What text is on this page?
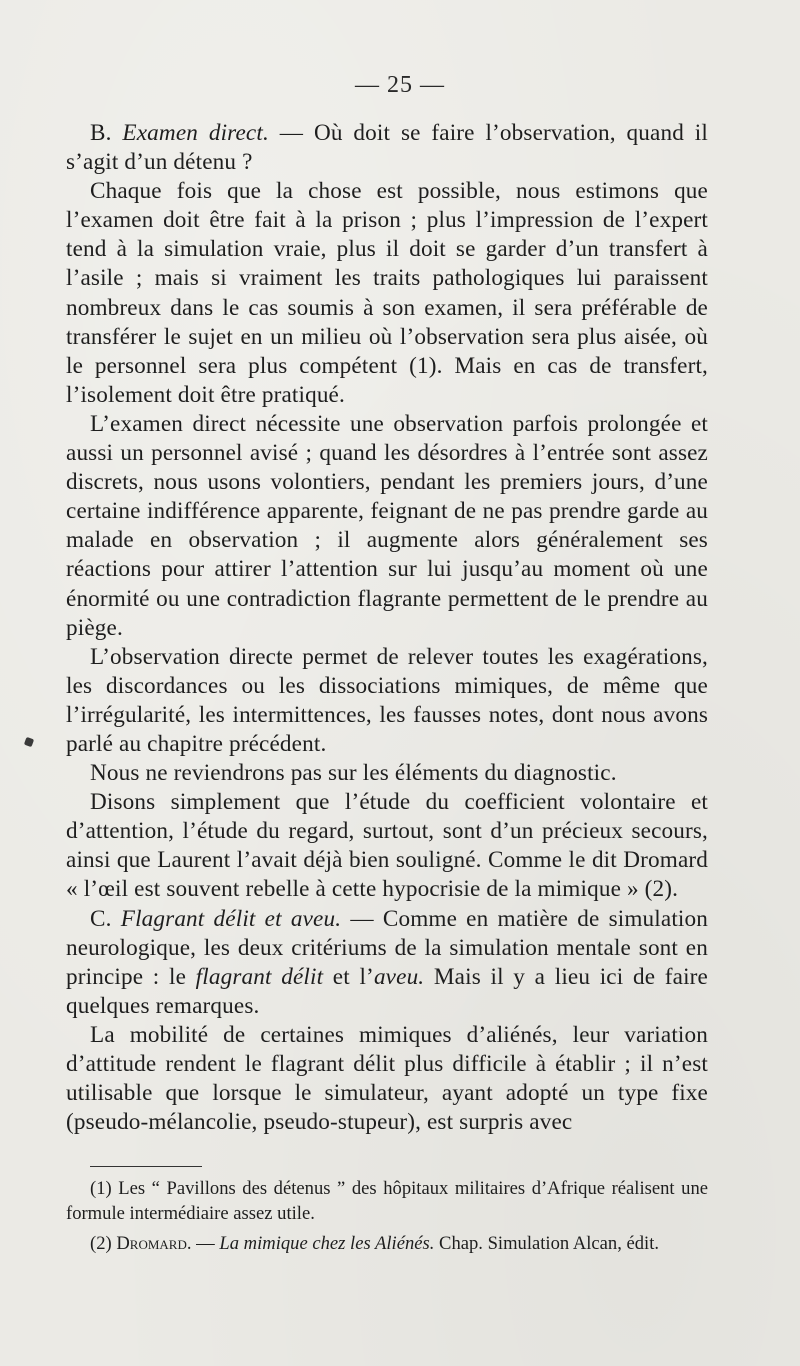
— 25 —

B. Examen direct. — Où doit se faire l’observation, quand il s’agit d’un détenu ?

Chaque fois que la chose est possible, nous estimons que l’examen doit être fait à la prison ; plus l’impression de l’expert tend à la simulation vraie, plus il doit se garder d’un transfert à l’asile ; mais si vraiment les traits pathologiques lui paraissent nombreux dans le cas soumis à son examen, il sera préférable de transférer le sujet en un milieu où l’observation sera plus aisée, où le personnel sera plus compétent (1). Mais en cas de transfert, l’isolement doit être pratiqué.

L’examen direct nécessite une observation parfois prolongée et aussi un personnel avisé ; quand les désordres à l’entrée sont assez discrets, nous usons volontiers, pendant les premiers jours, d’une certaine indifférence apparente, feignant de ne pas prendre garde au malade en observation ; il augmente alors généralement ses réactions pour attirer l’attention sur lui jusqu’au moment où une énormité ou une contradiction flagrante permettent de le prendre au piège.

L’observation directe permet de relever toutes les exagérations, les discordances ou les dissociations mimiques, de même que l’irrégularité, les intermittences, les fausses notes, dont nous avons parlé au chapitre précédent.

Nous ne reviendrons pas sur les éléments du diagnostic.

Disons simplement que l’étude du coefficient volontaire et d’attention, l’étude du regard, surtout, sont d’un précieux secours, ainsi que Laurent l’avait déjà bien souligné. Comme le dit Dromard « l’œil est souvent rebelle à cette hypocrisie de la mimique » (2).

C. Flagrant délit et aveu. — Comme en matière de simulation neurologique, les deux critériums de la simulation mentale sont en principe : le flagrant délit et l’aveu. Mais il y a lieu ici de faire quelques remarques.

La mobilité de certaines mimiques d’aliénés, leur variation d’attitude rendent le flagrant délit plus difficile à établir ; il n’est utilisable que lorsque le simulateur, ayant adopté un type fixe (pseudo-mélancolie, pseudo-stupeur), est surpris avec

(1) Les “ Pavillons des détenus ” des hôpitaux militaires d’Afrique réalisent une formule intermédiaire assez utile.

(2) Dromard. — La mimique chez les Aliénés. Chap. Simulation Alcan, édit.
